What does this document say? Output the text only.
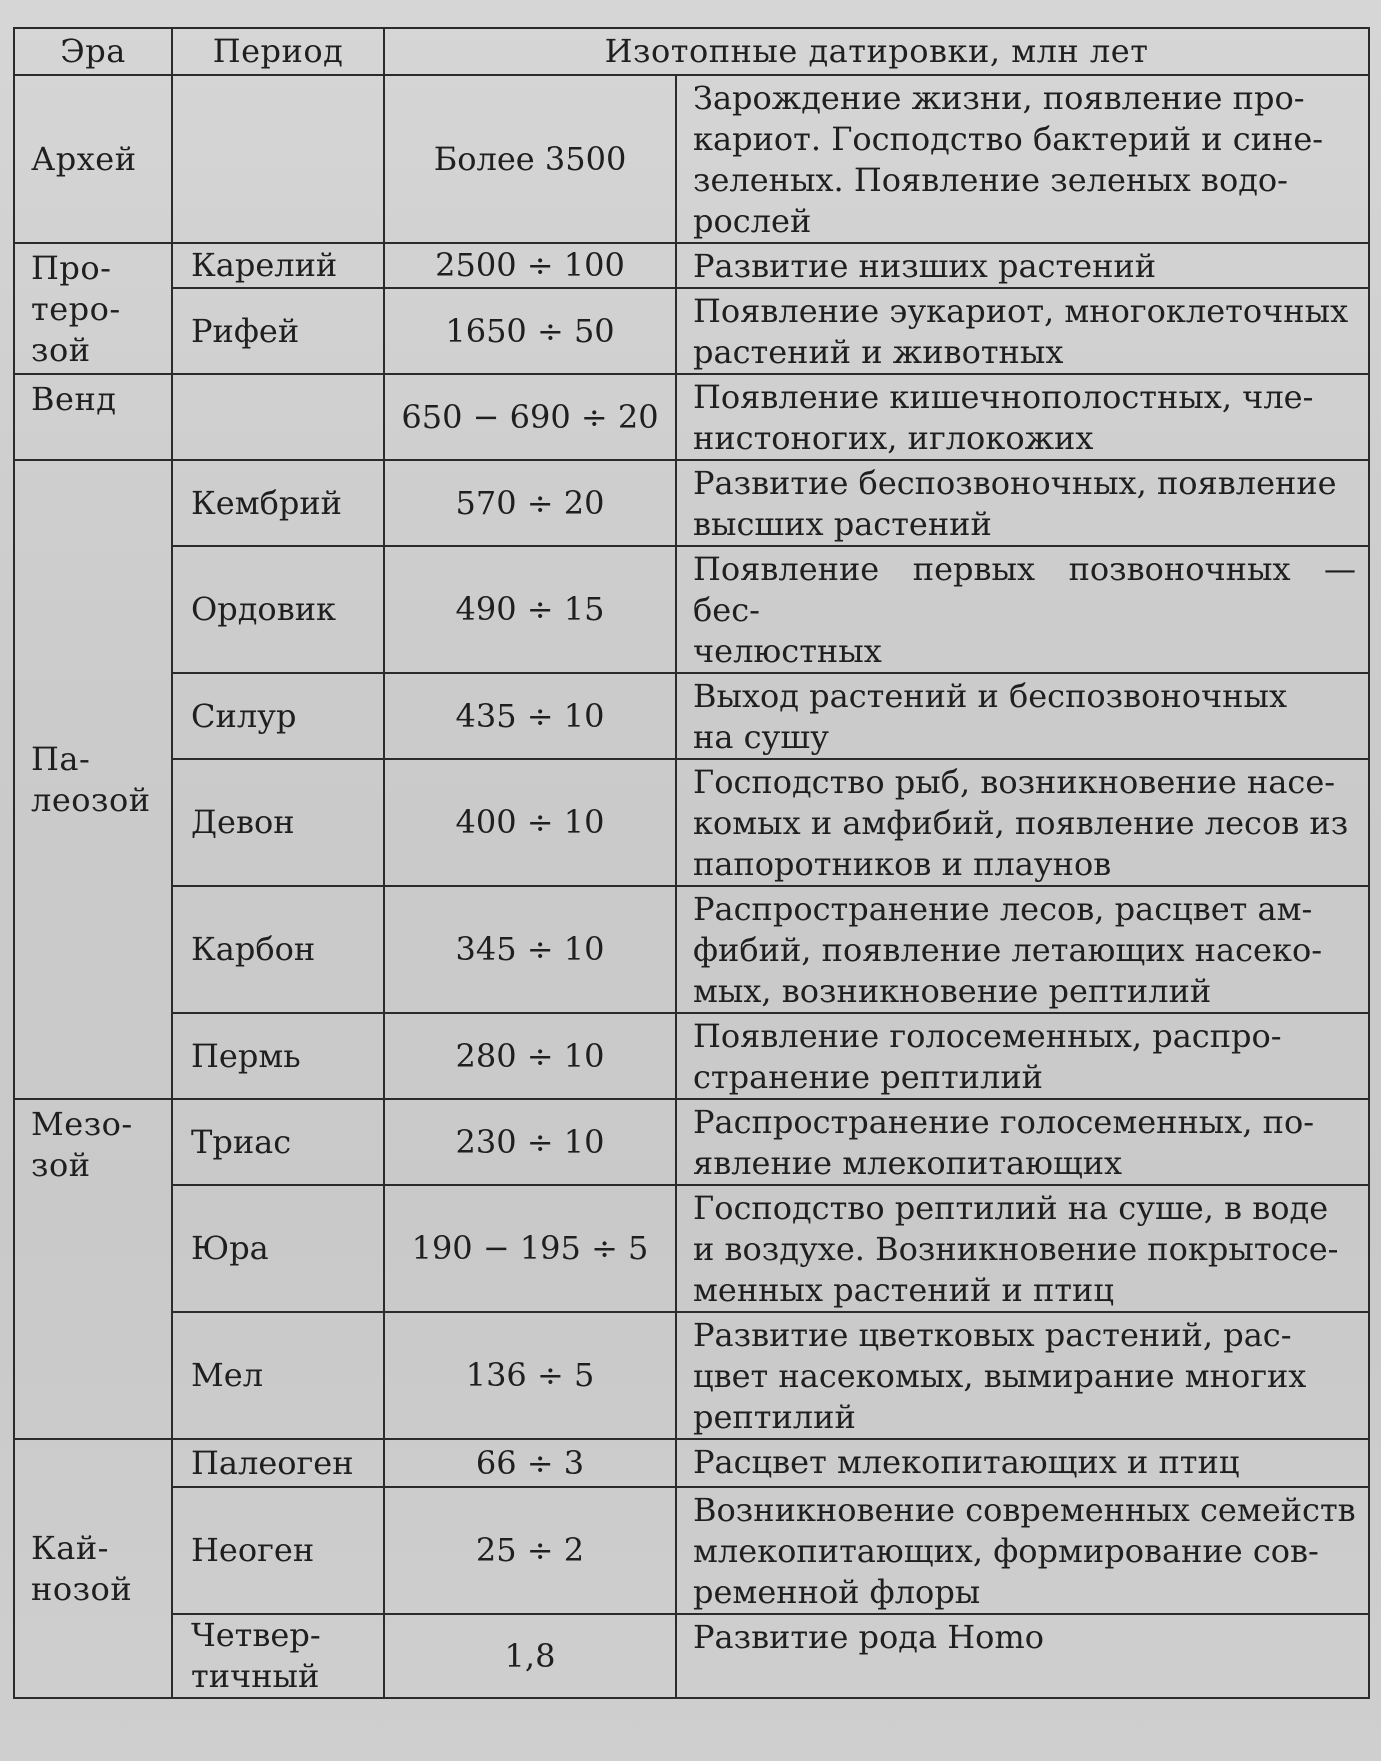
Эра	Период	Изотопные датировки, млн лет	
Архей		Более 3500	Зарождение жизни, появление про-
кариот. Господство бактерий и сине-
зеленых. Появление зеленых водо-
рослей
Про-
теро-
зой	Карелий	2500 ÷ 100	Развитие низших растений
	Рифей	1650 ÷ 50	Появление эукариот, многоклеточных
растений и животных
Венд		650 − 690 ÷ 20	Появление кишечнополостных, чле-
нистоногих, иглокожих
Па-
леозой	Кембрий	570 ÷ 20	Развитие беспозвоночных, появление
высших растений
	Ордовик	490 ÷ 15	Появление первых позвоночных — бес-
челюстных
	Силур	435 ÷ 10	Выход растений и беспозвоночных
на сушу
	Девон	400 ÷ 10	Господство рыб, возникновение насе-
комых и амфибий, появление лесов из
папоротников и плаунов
	Карбон	345 ÷ 10	Распространение лесов, расцвет ам-
фибий, появление летающих насеко-
мых, возникновение рептилий
	Пермь	280 ÷ 10	Появление голосеменных, распро-
странение рептилий
Мезо-
зой	Триас	230 ÷ 10	Распространение голосеменных, по-
явление млекопитающих
	Юра	190 − 195 ÷ 5	Господство рептилий на суше, в воде
и воздухе. Возникновение покрытосе-
менных растений и птиц
	Мел	136 ÷ 5	Развитие цветковых растений, рас-
цвет насекомых, вымирание многих
рептилий
Кай-
нозой	Палеоген	66 ÷ 3	Расцвет млекопитающих и птиц
	Неоген	25 ÷ 2	Возникновение современных семейств
млекопитающих, формирование сов-
ременной флоры
	Четвер-
тичный	1,8	Развитие рода Homo
